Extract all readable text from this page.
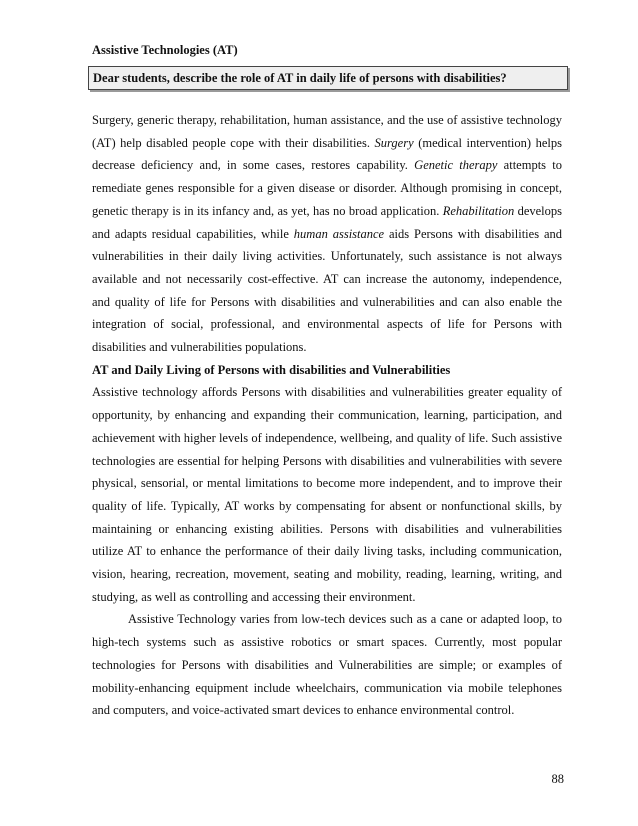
Assistive Technologies (AT)
Dear students, describe the role of AT in daily life of persons with disabilities?

Surgery, generic therapy, rehabilitation, human assistance, and the use of assistive technology (AT) help disabled people cope with their disabilities. Surgery (medical intervention) helps decrease deficiency and, in some cases, restores capability. Genetic therapy attempts to remediate genes responsible for a given disease or disorder. Although promising in concept, genetic therapy is in its infancy and, as yet, has no broad application. Rehabilitation develops and adapts residual capabilities, while human assistance aids Persons with disabilities and vulnerabilities in their daily living activities. Unfortunately, such assistance is not always available and not necessarily cost-effective. AT can increase the autonomy, independence, and quality of life for Persons with disabilities and vulnerabilities and can also enable the integration of social, professional, and environmental aspects of life for Persons with disabilities and vulnerabilities populations.

AT and Daily Living of Persons with disabilities and Vulnerabilities

Assistive technology affords Persons with disabilities and vulnerabilities greater equality of opportunity, by enhancing and expanding their communication, learning, participation, and achievement with higher levels of independence, wellbeing, and quality of life. Such assistive technologies are essential for helping Persons with disabilities and vulnerabilities with severe physical, sensorial, or mental limitations to become more independent, and to improve their quality of life. Typically, AT works by compensating for absent or nonfunctional skills, by maintaining or enhancing existing abilities. Persons with disabilities and vulnerabilities utilize AT to enhance the performance of their daily living tasks, including communication, vision, hearing, recreation, movement, seating and mobility, reading, learning, writing, and studying, as well as controlling and accessing their environment.

Assistive Technology varies from low-tech devices such as a cane or adapted loop, to high-tech systems such as assistive robotics or smart spaces. Currently, most popular technologies for Persons with disabilities and Vulnerabilities are simple; or examples of mobility-enhancing equipment include wheelchairs, communication via mobile telephones and computers, and voice-activated smart devices to enhance environmental control.

88
